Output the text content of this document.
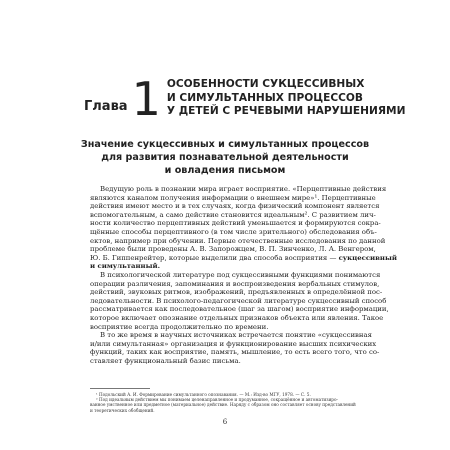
Глава 1 ОСОБЕННОСТИ СУКЦЕССИВНЫХ
И СИМУЛЬТАННЫХ ПРОЦЕССОВ
У ДЕТЕЙ С РЕЧЕВЫМИ НАРУШЕНИЯМИ
Значение сукцессивных и симультанных процессов
для развития познавательной деятельности
и овладения письмом

Ведущую роль в познании мира играет восприятие. «Перцептивные действия
являются каналом получения информации о внешнем мире»¹. Перцептивные
действия имеют место и в тех случаях, когда физический компонент является
вспомогательным, а само действие становится идеальным². С развитием лич-
ности количество перцептивных действий уменьшается и формируются сокра-
щённые способы перцептивного (в том числе зрительного) обследования объ-
ектов, например при обучении. Первые отечественные исследования по данной
проблеме были проведены А. В. Запорожцем, В. П. Зинченко, Л. А. Венгером,
Ю. Б. Гиппенрейтер, которые выделили два способа восприятия — сукцессивный
и симультанный.

В психологической литературе под сукцессивными функциями понимаются
операции различения, запоминания и воспроизведения вербальных стимулов,
действий, звуковых ритмов, изображений, предъявленных в определённой пос-
ледовательности. В психолого-педагогической литературе сукцессивный способ
рассматривается как последовательное (шаг за шагом) восприятие информации,
которое включает опознание отдельных признаков объекта или явления. Такое
восприятие всегда продолжительно по времени.

В то же время в научных источниках встречается понятие «сукцессивная
и/или симультанная» организация и функционирование высших психических
функций, таких как восприятие, память, мышление, то есть всего того, что со-
ставляет функциональный базис письма.

¹ Подольский А. И. Формирование симультанного опознавания. — М.: Изд-во МГУ, 1978. — С. 5.
² Под идеальным действием мы понимаем целенаправленное и продуманное, сокращённое и автоматизиро-
ванное умственное или предметное (материальное) действие. Наряду с образом оно составляет основу представлений
и теоретических обобщений.
6
